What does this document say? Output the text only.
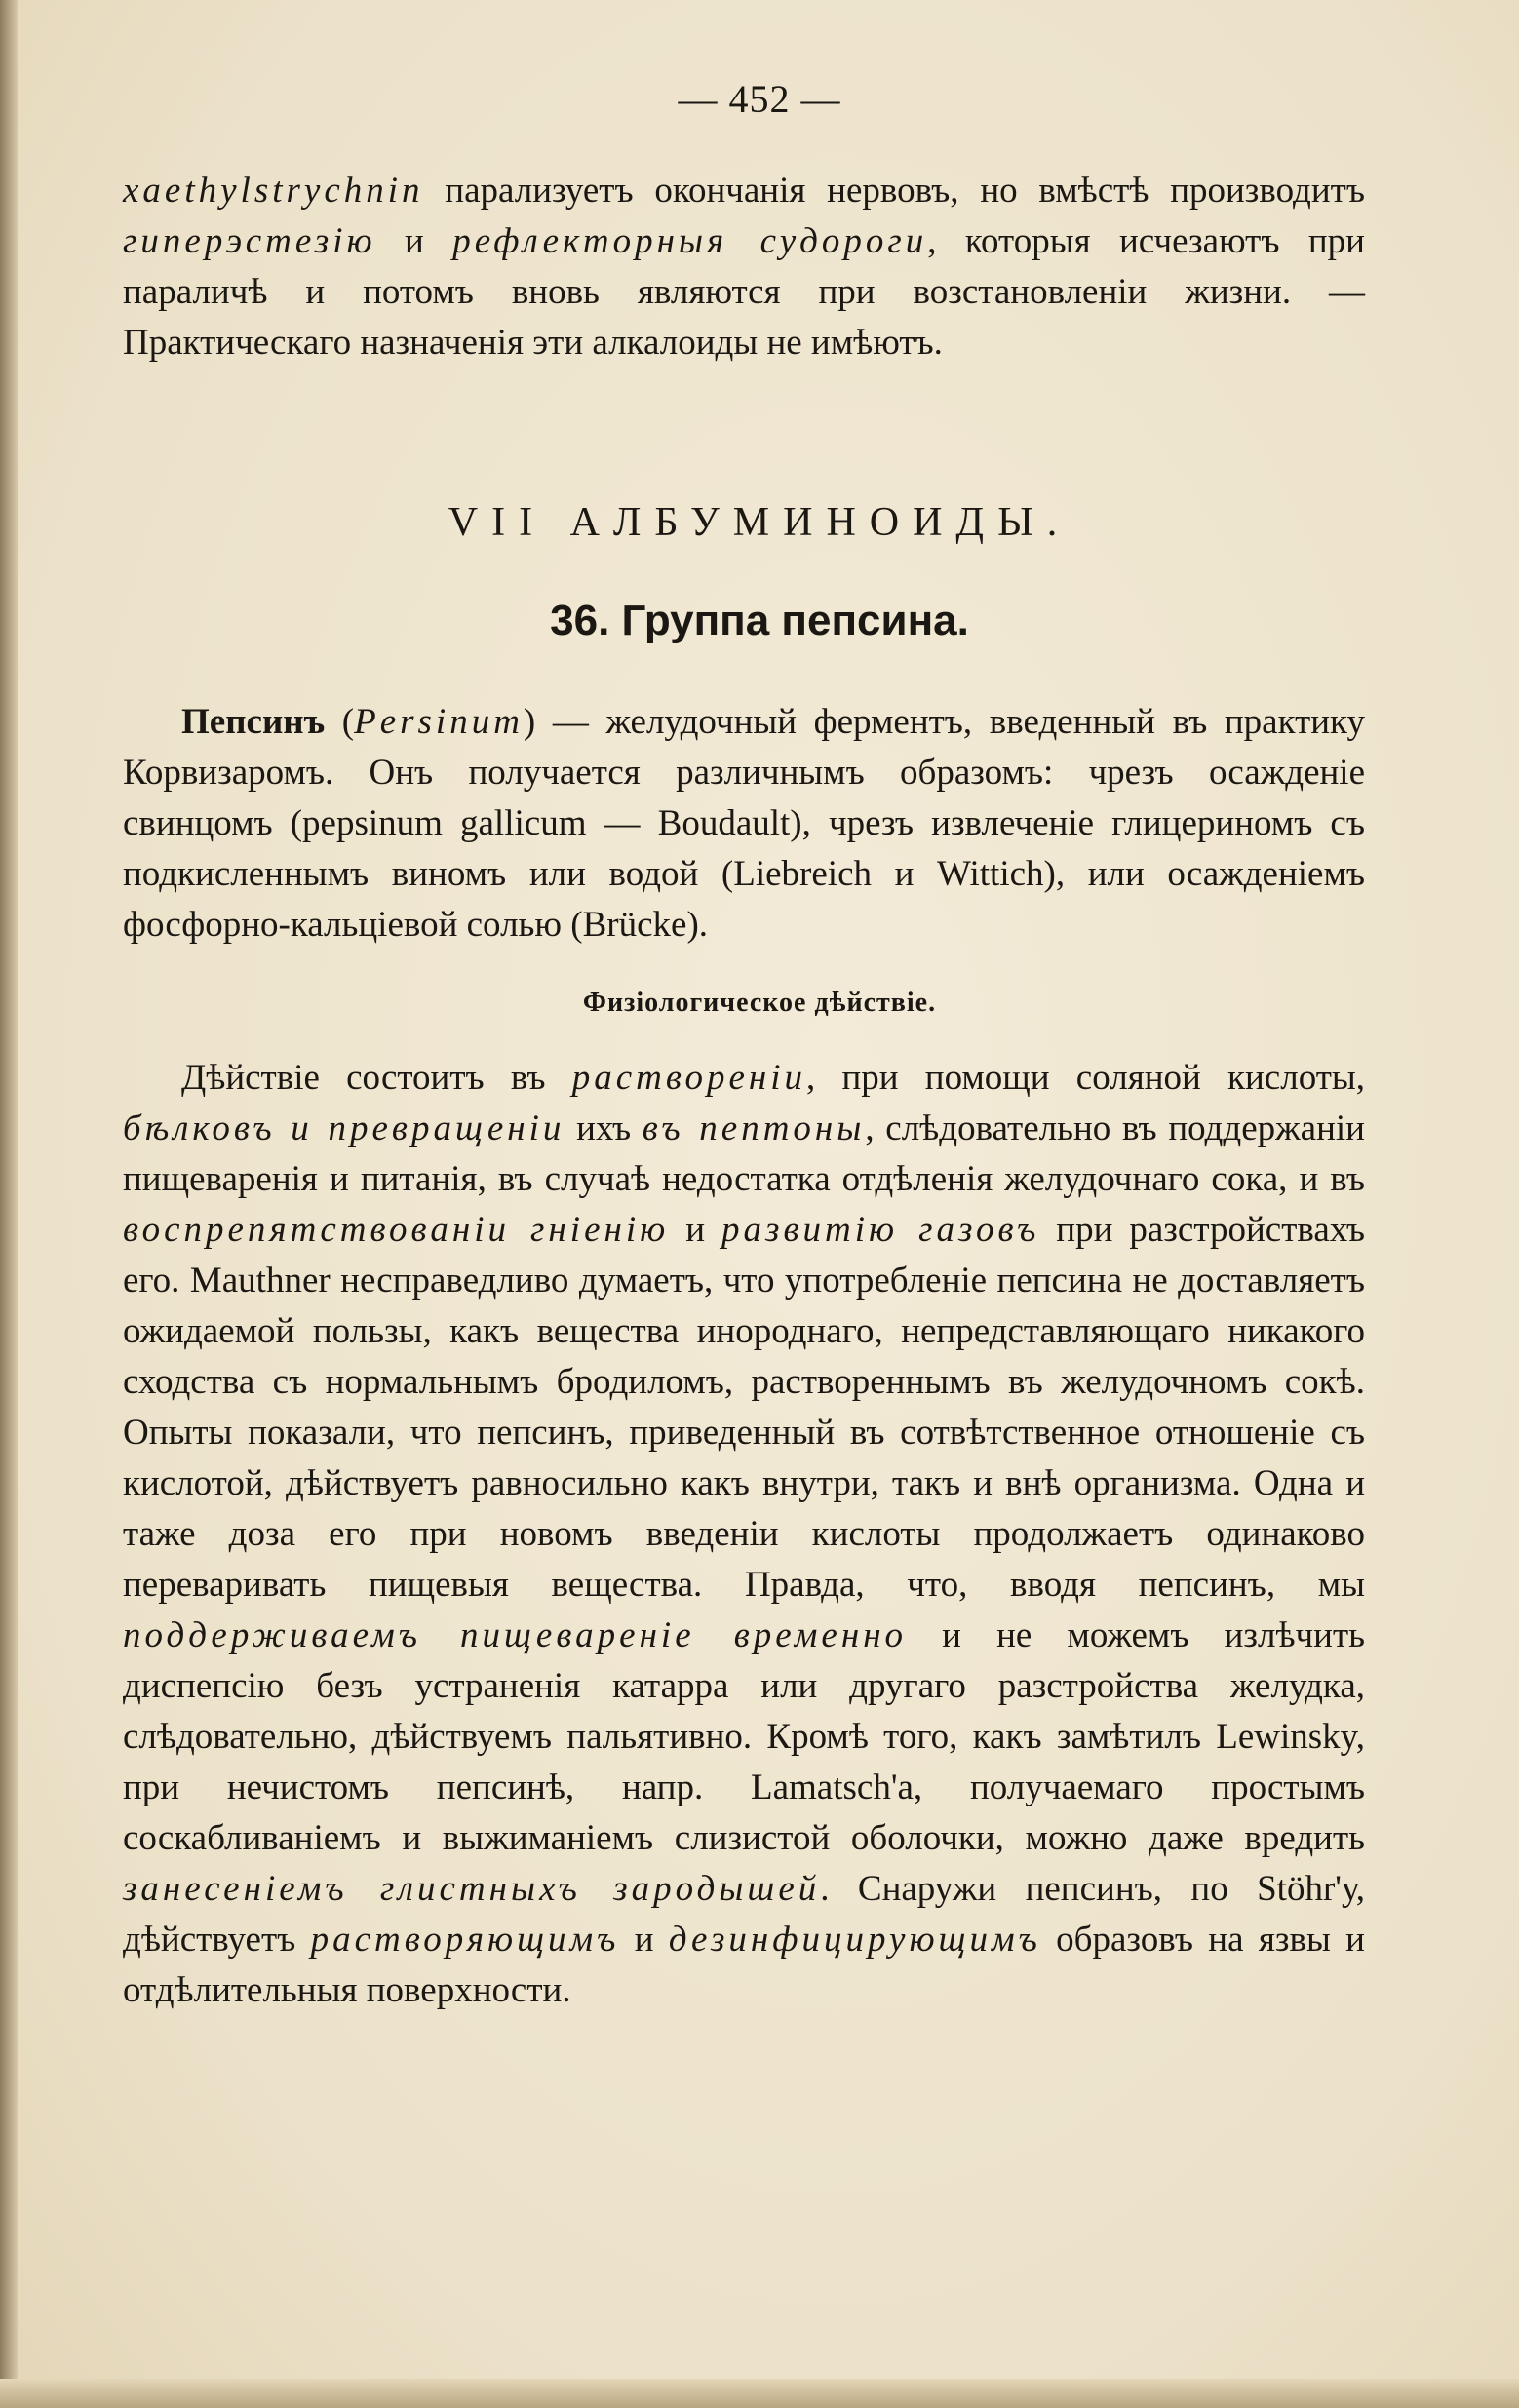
— 452 —

xaethylstrychnin парализуетъ окончанія нервовъ, но вмѣстѣ производитъ гиперэстезію и рефлекторныя судороги, которыя исчезаютъ при параличѣ и потомъ вновь являются при возстановленіи жизни. — Практическаго назначенія эти алкалоиды не имѣютъ.

VII АЛБУМИНОИДЫ.
36. Группа пепсина.

Пепсинъ (Persinum) — желудочный ферментъ, введенный въ практику Корвизаромъ. Онъ получается различнымъ образомъ: чрезъ осажденіе свинцомъ (pepsinum gallicum — Boudault), чрезъ извлеченіе глицериномъ съ подкисленнымъ виномъ или водой (Liebreich и Wittich), или осажденіемъ фосфорно-кальціевой солью (Brücke).

Физіологическое дѣйствіе.

Дѣйствіе состоитъ въ раствореніи, при помощи соляной кислоты, бѣлковъ и превращеніи ихъ въ пептоны, слѣдовательно въ поддержаніи пищеваренія и питанія, въ случаѣ недостатка отдѣленія желудочнаго сока, и въ воспрепятствованіи гніенію и развитію газовъ при разстройствахъ его. Mauthner несправедливо думаетъ, что употребленіе пепсина не доставляетъ ожидаемой пользы, какъ вещества инороднаго, непредставляющаго никакого сходства съ нормальнымъ бродиломъ, раствореннымъ въ желудочномъ сокѣ. Опыты показали, что пепсинъ, приведенный въ сотвѣтственное отношеніе съ кислотой, дѣйствуетъ равносильно какъ внутри, такъ и внѣ организма. Одна и таже доза его при новомъ введеніи кислоты продолжаетъ одинаково переваривать пищевыя вещества. Правда, что, вводя пепсинъ, мы поддерживаемъ пищевареніе временно и не можемъ излѣчить диспепсію безъ устраненія катарра или другаго разстройства желудка, слѣдовательно, дѣйствуемъ пальятивно. Кромѣ того, какъ замѣтилъ Lewinsky, при нечистомъ пепсинѣ, напр. Lamatsch'а, получаемаго простымъ соскабливаніемъ и выжиманіемъ слизистой оболочки, можно даже вредить занесеніемъ глистныхъ зародышей. Снаружи пепсинъ, по Stöhr'у, дѣйствуетъ растворяющимъ и дезинфицирующимъ образовъ на язвы и отдѣлительныя поверхности.
